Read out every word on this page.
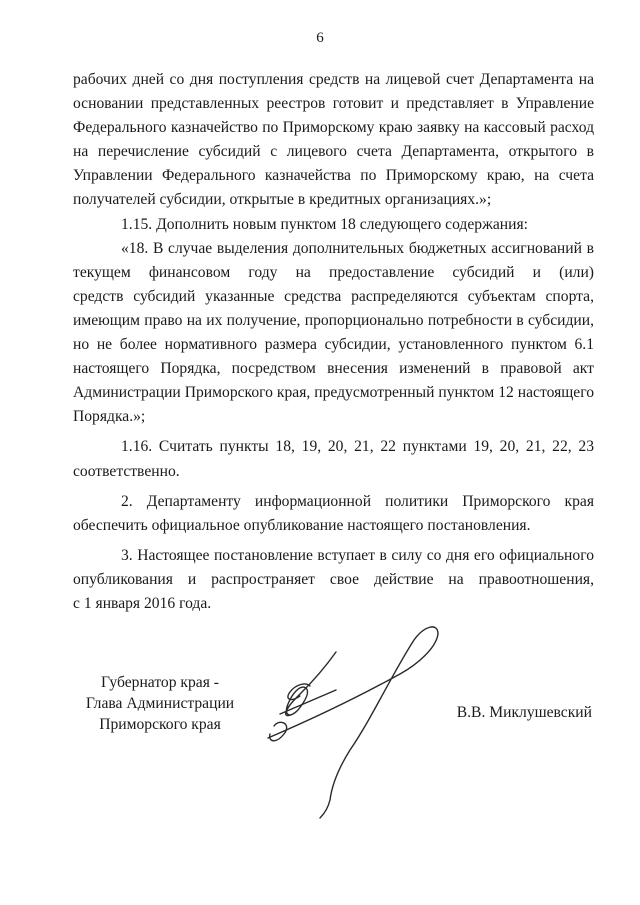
6
рабочих дней со дня поступления средств на лицевой счет Департамента на
основании представленных реестров готовит и представляет в Управление
Федерального казначейство по Приморскому краю заявку на кассовый расход
на перечисление субсидий с лицевого счета Департамента, открытого в
Управлении Федерального казначейства по Приморскому краю, на счета
получателей субсидии, открытые в кредитных организациях.»;
1.15. Дополнить новым пунктом 18 следующего содержания:
«18. В случае выделения дополнительных бюджетных ассигнований в
текущем финансовом году на предоставление субсидий и (или)
средств субсидий указанные средства распределяются субъектам спорта,
имеющим право на их получение, пропорционально потребности в субсидии,
но не более нормативного размера субсидии, установленного пунктом 6.1
настоящего Порядка, посредством внесения изменений в правовой акт
Администрации Приморского края, предусмотренный пунктом 12 настоящего
Порядка.»;
1.16. Считать пункты 18, 19, 20, 21, 22 пунктами 19, 20, 21, 22, 23
соответственно.
2. Департаменту информационной политики Приморского края
обеспечить официальное опубликование настоящего постановления.
3. Настоящее постановление вступает в силу со дня его официального
опубликования и распространяет свое действие на правоотношения,
с 1 января 2016 года.
Губернатор края -
Глава Администрации
Приморского края
В.В. Миклушевский
